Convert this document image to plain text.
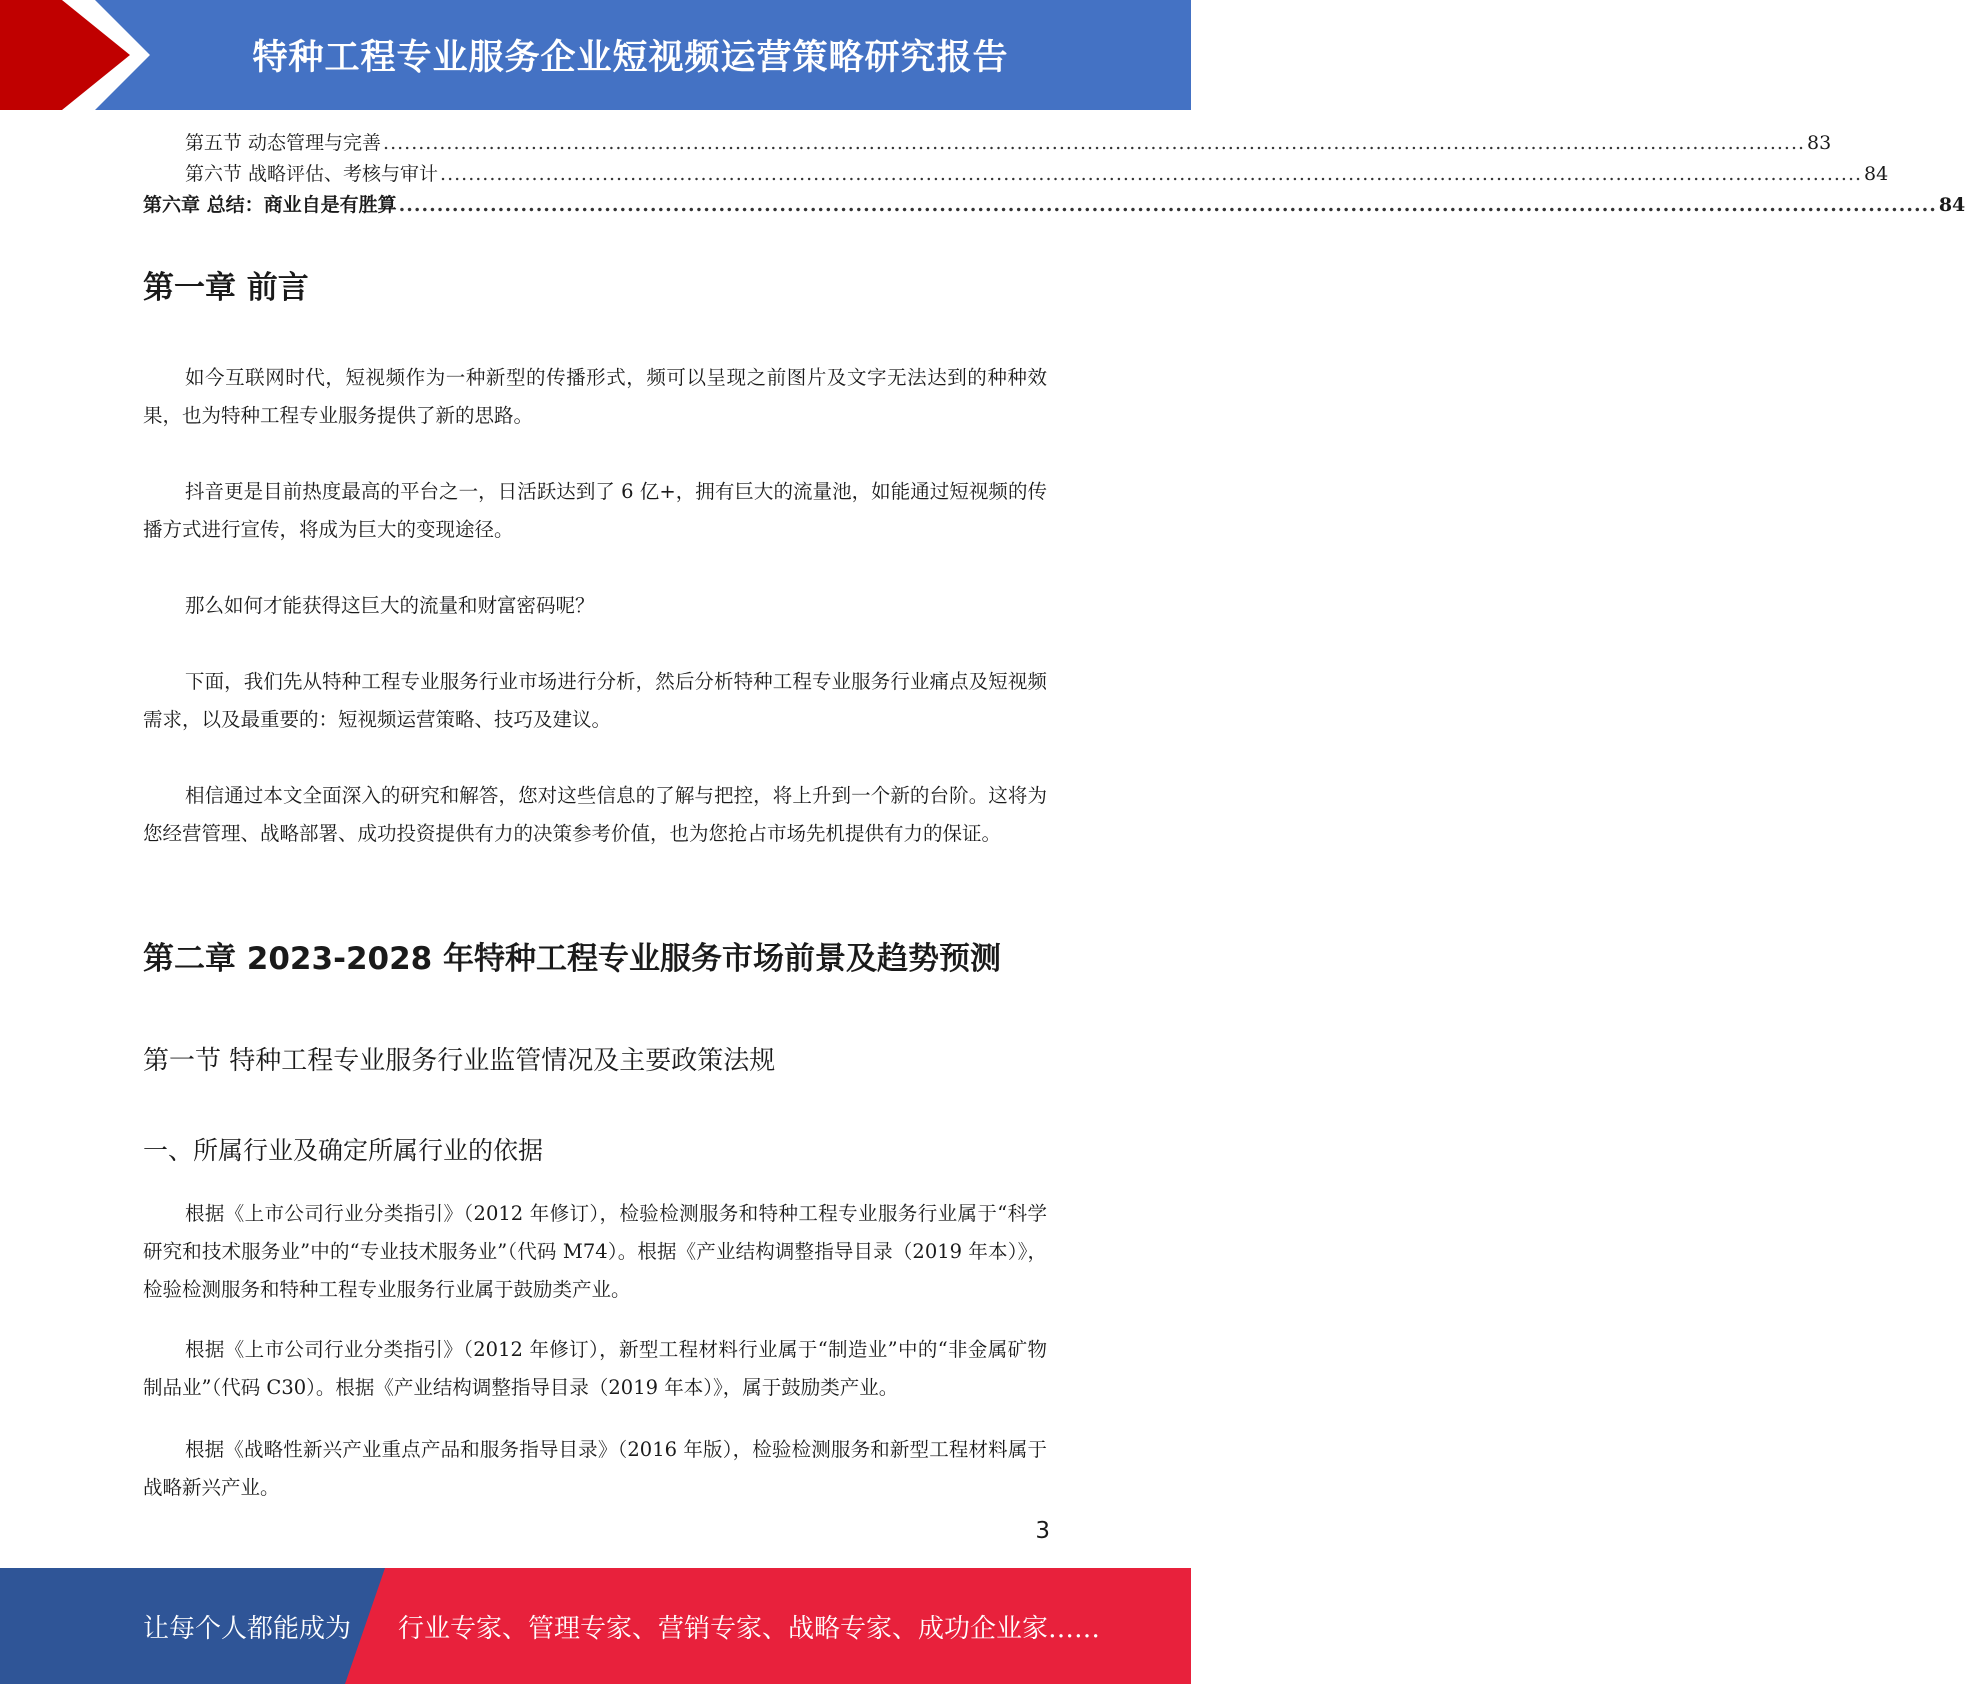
特种工程专业服务企业短视频运营策略研究报告
第五节 动态管理与完善 .......................................................................................................................................................................................................... 83
第六节 战略评估、考核与审计 .......................................................................................................................................................................................................... 84
第六章 总结：商业自是有胜算 .......................................................................................................................................................................................................... 84
第一章 前言

如今互联网时代，短视频作为一种新型的传播形式，频可以呈现之前图片及文字无法达到的种种效果，也为特种工程专业服务提供了新的思路。

抖音更是目前热度最高的平台之一，日活跃达到了 6 亿+，拥有巨大的流量池，如能通过短视频的传播方式进行宣传，将成为巨大的变现途径。

那么如何才能获得这巨大的流量和财富密码呢？

下面，我们先从特种工程专业服务行业市场进行分析，然后分析特种工程专业服务行业痛点及短视频需求，以及最重要的：短视频运营策略、技巧及建议。

相信通过本文全面深入的研究和解答，您对这些信息的了解与把控，将上升到一个新的台阶。这将为您经营管理、战略部署、成功投资提供有力的决策参考价值，也为您抢占市场先机提供有力的保证。

第二章 2023-2028 年特种工程专业服务市场前景及趋势预测
第一节 特种工程专业服务行业监管情况及主要政策法规
一、所属行业及确定所属行业的依据

根据《上市公司行业分类指引》（2012 年修订），检验检测服务和特种工程专业服务行业属于“科学研究和技术服务业”中的“专业技术服务业”（代码 M74）。根据《产业结构调整指导目录（2019 年本）》，检验检测服务和特种工程专业服务行业属于鼓励类产业。

根据《上市公司行业分类指引》（2012 年修订），新型工程材料行业属于“制造业”中的“非金属矿物制品业”（代码 C30）。根据《产业结构调整指导目录（2019 年本）》，属于鼓励类产业。

根据《战略性新兴产业重点产品和服务指导目录》（2016 年版），检验检测服务和新型工程材料属于战略新兴产业。

3
让每个人都能成为 行业专家、管理专家、营销专家、战略专家、成功企业家……
